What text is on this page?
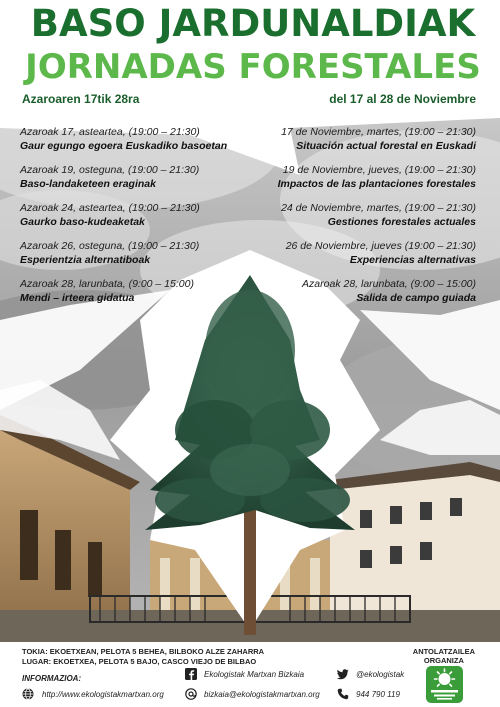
BASO JARDUNALDIAK
JORNADAS FORESTALES
Azaroaren 17tik 28ra	del 17 al 28 de Noviembre
Azaroak 17, asteartea, (19:00 – 21:30)
Gaur egungo egoera Euskadiko basoetan
Azaroak 19, osteguna, (19:00 – 21:30)
Baso-landaketeen eraginak
Azaroak 24, asteartea, (19:00 – 21:30)
Gaurko baso-kudeaketak
Azaroak 26, osteguna, (19:00 – 21:30)
Esperientzia alternatiboak
Azaroak 28, larunbata, (9:00 – 15:00)
Mendi – irteera gidatua
17 de Noviembre, martes, (19:00 – 21:30)
Situación actual forestal en Euskadi
19 de Noviembre, jueves, (19:00 – 21:30)
Impactos de las plantaciones forestales
24 de Noviembre, martes, (19:00 – 21:30)
Gestiones forestales actuales
26 de Noviembre, jueves (19:00 – 21:30)
Experiencias alternativas
Azaroak 28, larunbata, (9:00 – 15:00)
Salida de campo guiada
TOKIA: EKOETXEAN, PELOTA 5 BEHEA, BILBOKO ALZE ZAHARRA
LUGAR: EKOETXEA, PELOTA 5 BAJO, CASCO VIEJO DE BILBAO
INFORMAZIOA:
http://www.ekologistakmartxan.org
Ekologistak Martxan Bizkaia
bizkaia@ekologistakmartxan.org
@ekologistak
944 790 119
ANTOLATZAILEA
ORGANIZA
